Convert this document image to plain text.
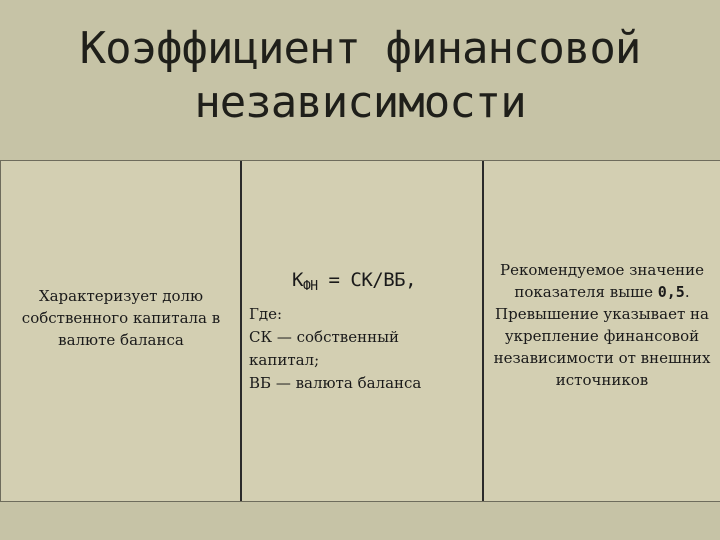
Коэффициент финансовой
независимости
Характеризует долю собственного капитала в валюте баланса
$К_{ФН} = СК/ВБ$,
Где:
СК — собственный
капитал;
ВБ — валюта баланса
Рекомендуемое значение показателя выше 0,5. Превышение указывает на укрепление финансовой независимости от внешних источников
